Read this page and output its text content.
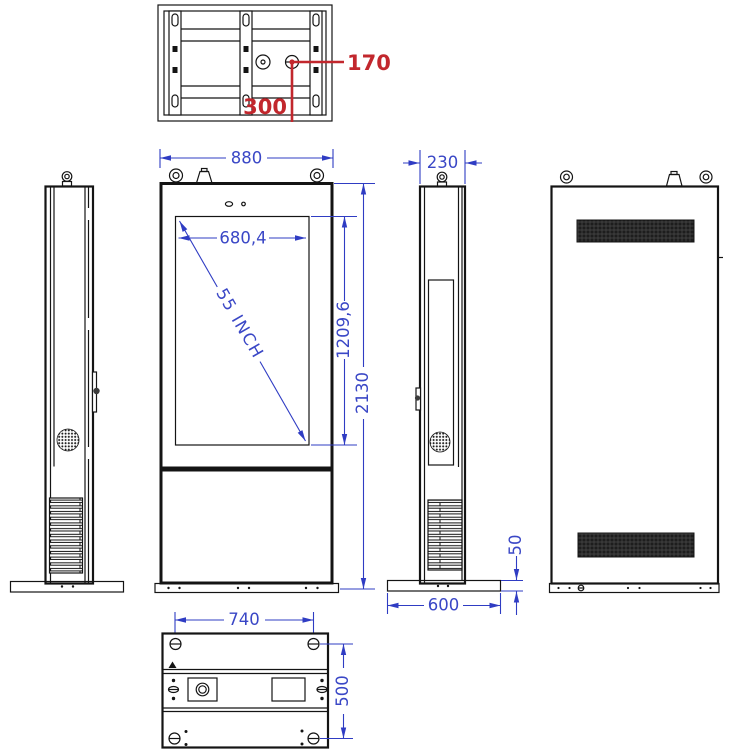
170
300
880
680,4
55 INCH	1209,6
2130
230
50
600
740
500
